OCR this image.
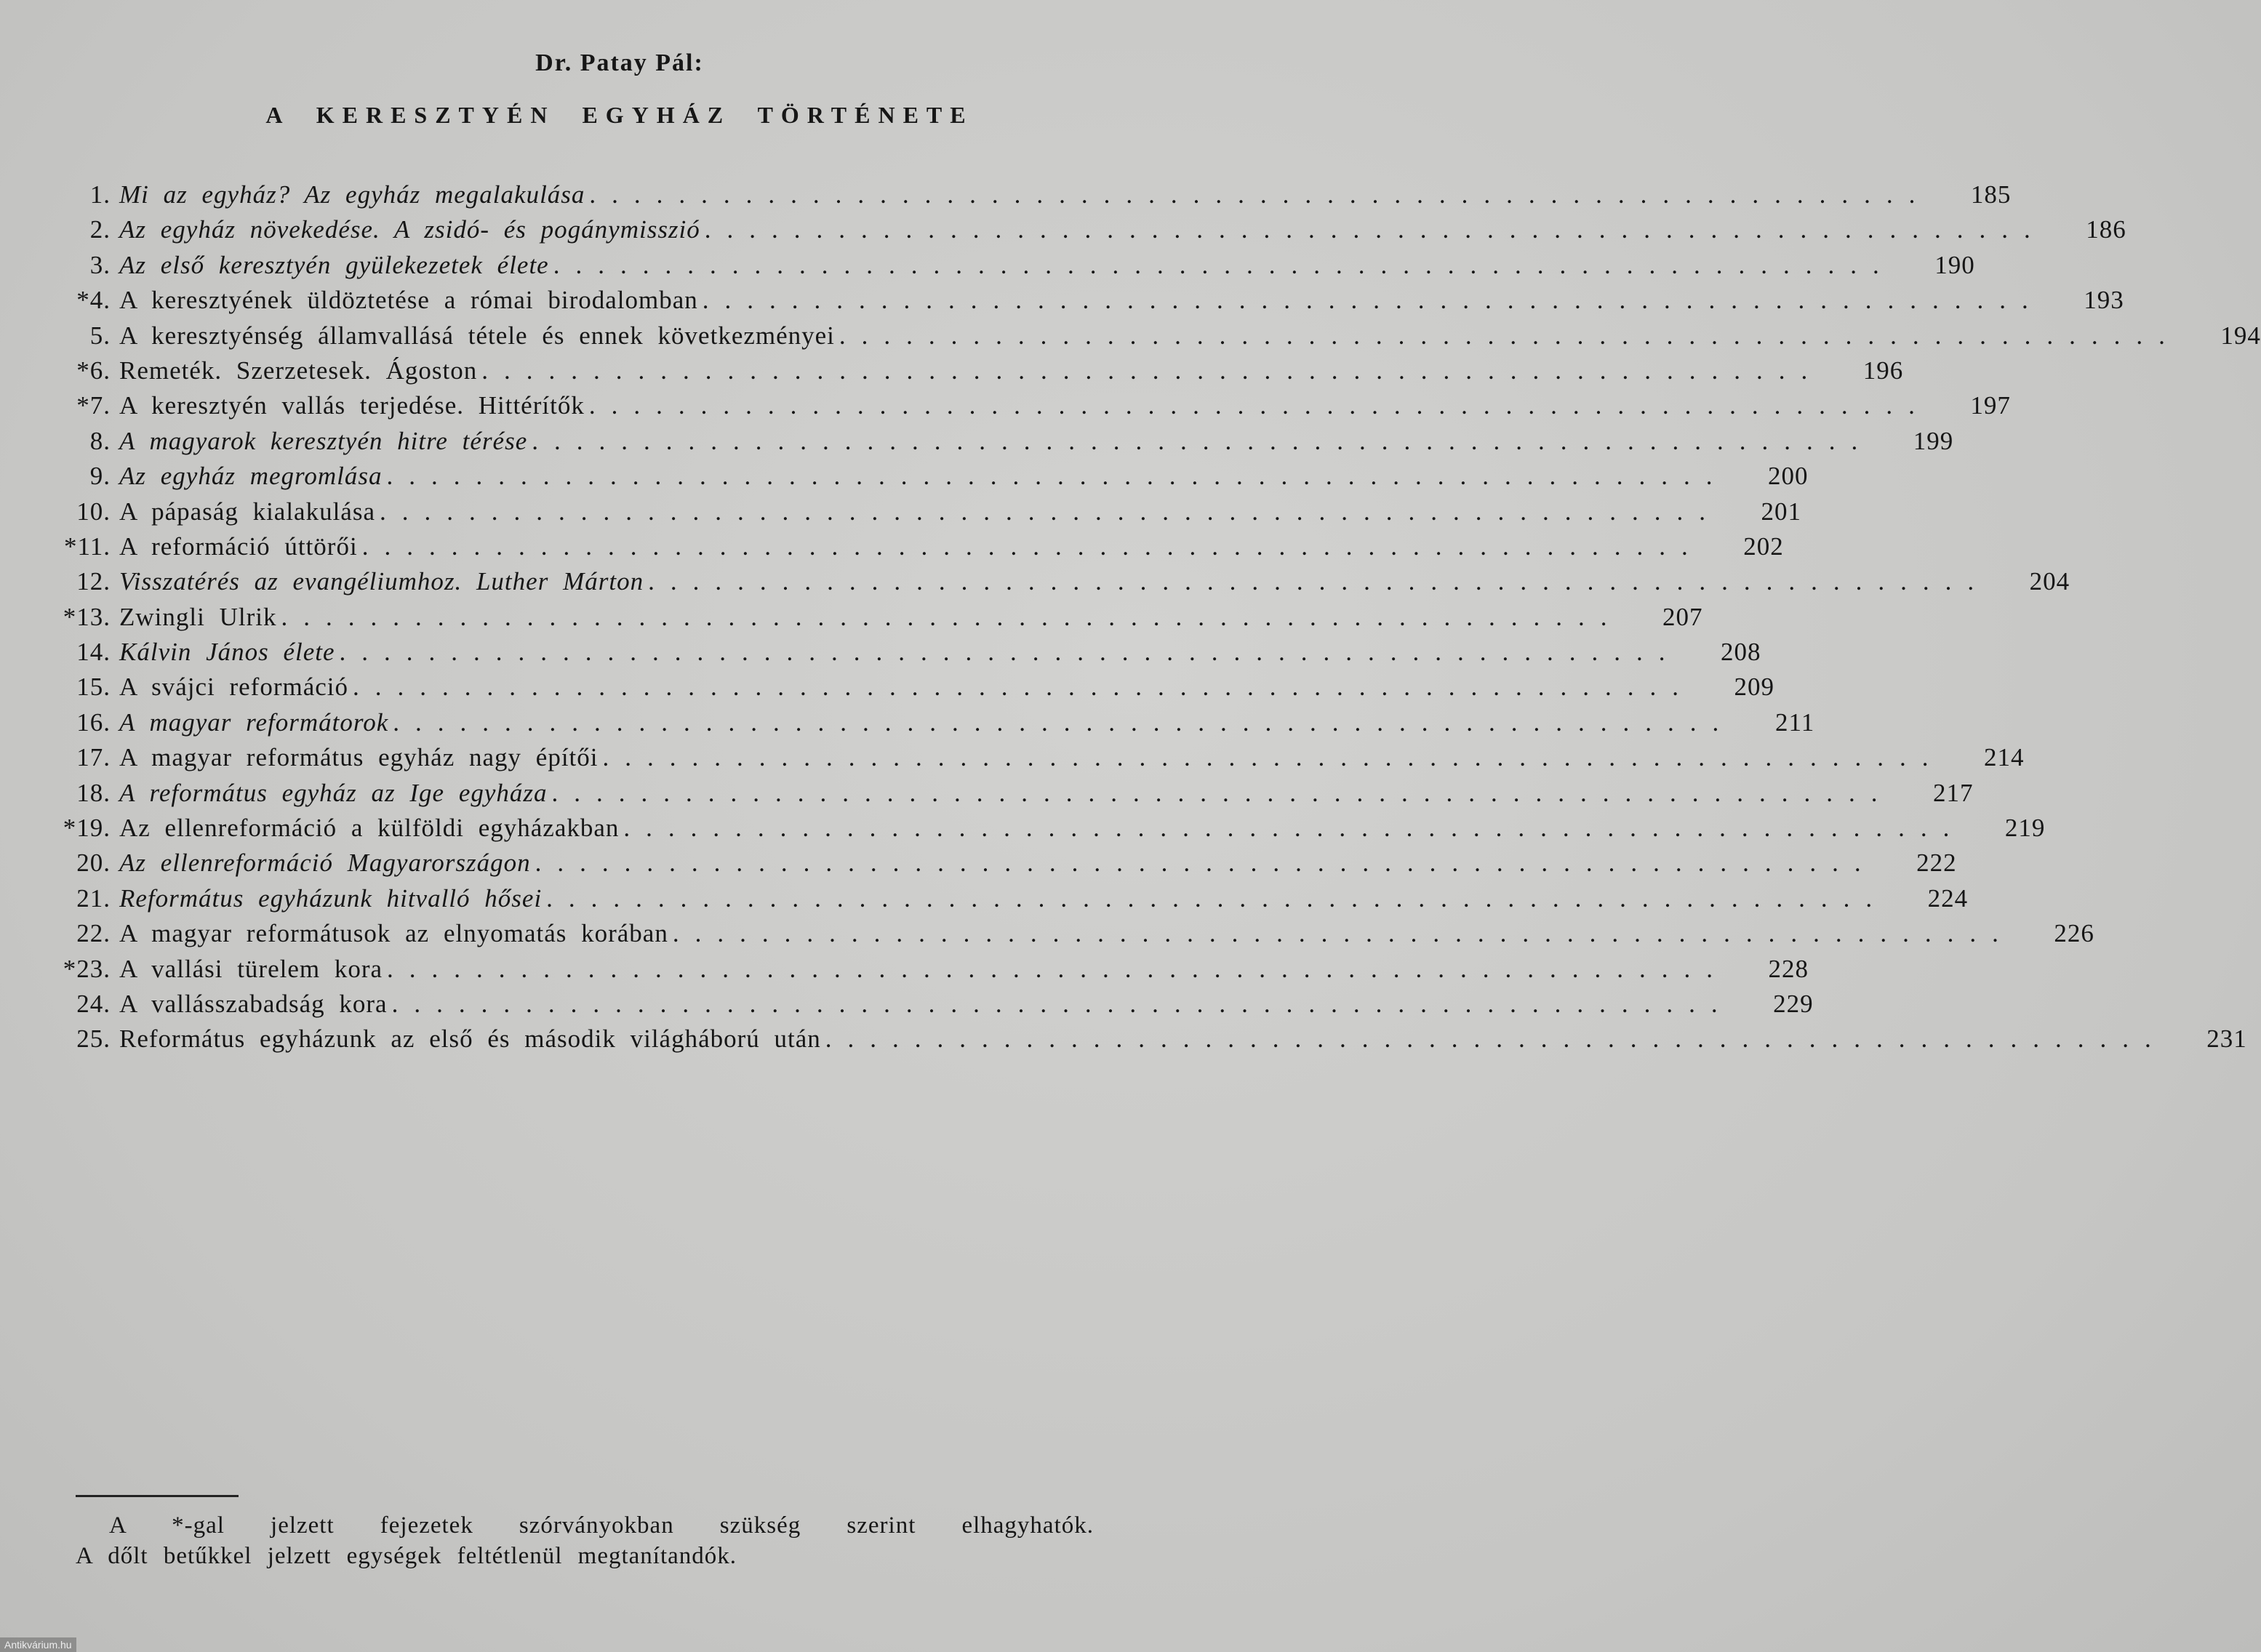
Dr. Patay Pál:
A KERESZTYÉN EGYHÁZ TÖRTÉNETE
1. Mi az egyház? Az egyház megalakulása ............................................................	185
2. Az egyház növekedése. A zsidó- és pogánymisszió ............................................................	186
3. Az első keresztyén gyülekezetek élete ............................................................	190
*4. A keresztyének üldöztetése a római birodalomban ............................................................	193
5. A keresztyénség államvallásá tétele és ennek következményei ............................................................	194
*6. Remeték. Szerzetesek. Ágoston ............................................................	196
*7. A keresztyén vallás terjedése. Hittérítők ............................................................	197
8. A magyarok keresztyén hitre térése ............................................................	199
9. Az egyház megromlása ............................................................	200
10. A pápaság kialakulása ............................................................	201
*11. A reformáció úttörői ............................................................	202
12. Visszatérés az evangéliumhoz. Luther Márton ............................................................	204
*13. Zwingli Ulrik ............................................................	207
14. Kálvin János élete ............................................................	208
15. A svájci reformáció ............................................................	209
16. A magyar reformátorok ............................................................	211
17. A magyar református egyház nagy építői ............................................................	214
18. A református egyház az Ige egyháza ............................................................	217
*19. Az ellenreformáció a külföldi egyházakban ............................................................	219
20. Az ellenreformáció Magyarországon ............................................................	222
21. Református egyházunk hitvalló hősei ............................................................	224
22. A magyar reformátusok az elnyomatás korában ............................................................	226
*23. A vallási türelem kora ............................................................	228
24. A vallásszabadság kora ............................................................	229
25. Református egyházunk az első és második világháború után ............................................................	231
A *-gal jelzett fejezetek szórványokban szükség szerint elhagyhatók.
A dőlt betűkkel jelzett egységek feltétlenül megtanítandók.
Antikvárium.hu
